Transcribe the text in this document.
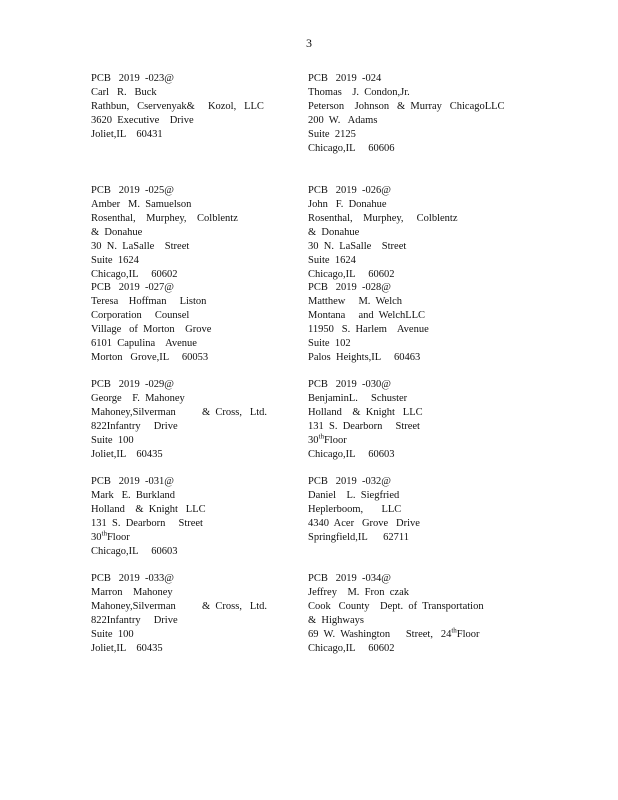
3
PCB   2019  -023@
Carl   R.   Buck
Rathbun,   Cservenyak&     Kozol,   LLC
3620  Executive    Drive
Joliet,IL    60431
PCB   2019  -024
Thomas    J.  Condon,Jr.
Peterson    Johnson   &  Murray   ChicagoLLC
200  W.   Adams
Suite  2125
Chicago,IL     60606
PCB   2019  -025@
Amber   M.  Samuelson
Rosenthal,    Murphey,    Colblentz
&  Donahue
30  N.  LaSalle    Street
Suite  1624
Chicago,IL     60602
PCB   2019  -026@
John   F.  Donahue
Rosenthal,    Murphey,     Colblentz
&  Donahue
30  N.  LaSalle    Street
Suite  1624
Chicago,IL     60602
PCB   2019  -027@
Teresa    Hoffman     Liston
Corporation     Counsel
Village   of  Morton    Grove
6101  Capulina    Avenue
Morton   Grove,IL     60053
PCB   2019  -028@
Matthew     M.  Welch
Montana     and  WelchLLC
11950   S.  Harlem    Avenue
Suite  102
Palos  Heights,IL     60463
PCB   2019  -029@
George    F.  Mahoney
Mahoney,Silverman          &  Cross,   Ltd.
822Infantry     Drive
Suite  100
Joliet,IL    60435
PCB   2019  -030@
BenjaminL.     Schuster
Holland    &  Knight   LLC
131  S.  Dearborn     Street
30thFloor
Chicago,IL     60603
PCB   2019  -031@
Mark   E.  Burkland
Holland    &  Knight   LLC
131  S.  Dearborn     Street
30thFloor
Chicago,IL     60603
PCB   2019  -032@
Daniel    L.  Siegfried
Heplerboom,       LLC
4340  Acer   Grove   Drive
Springfield,IL      62711
PCB   2019  -033@
Marron    Mahoney
Mahoney,Silverman          &  Cross,   Ltd.
822Infantry     Drive
Suite  100
Joliet,IL    60435
PCB   2019  -034@
Jeffrey    M.  Fron  czak
Cook   County    Dept.  of  Transportation
&  Highways
69  W.  Washington      Street,   24thFloor
Chicago,IL     60602
